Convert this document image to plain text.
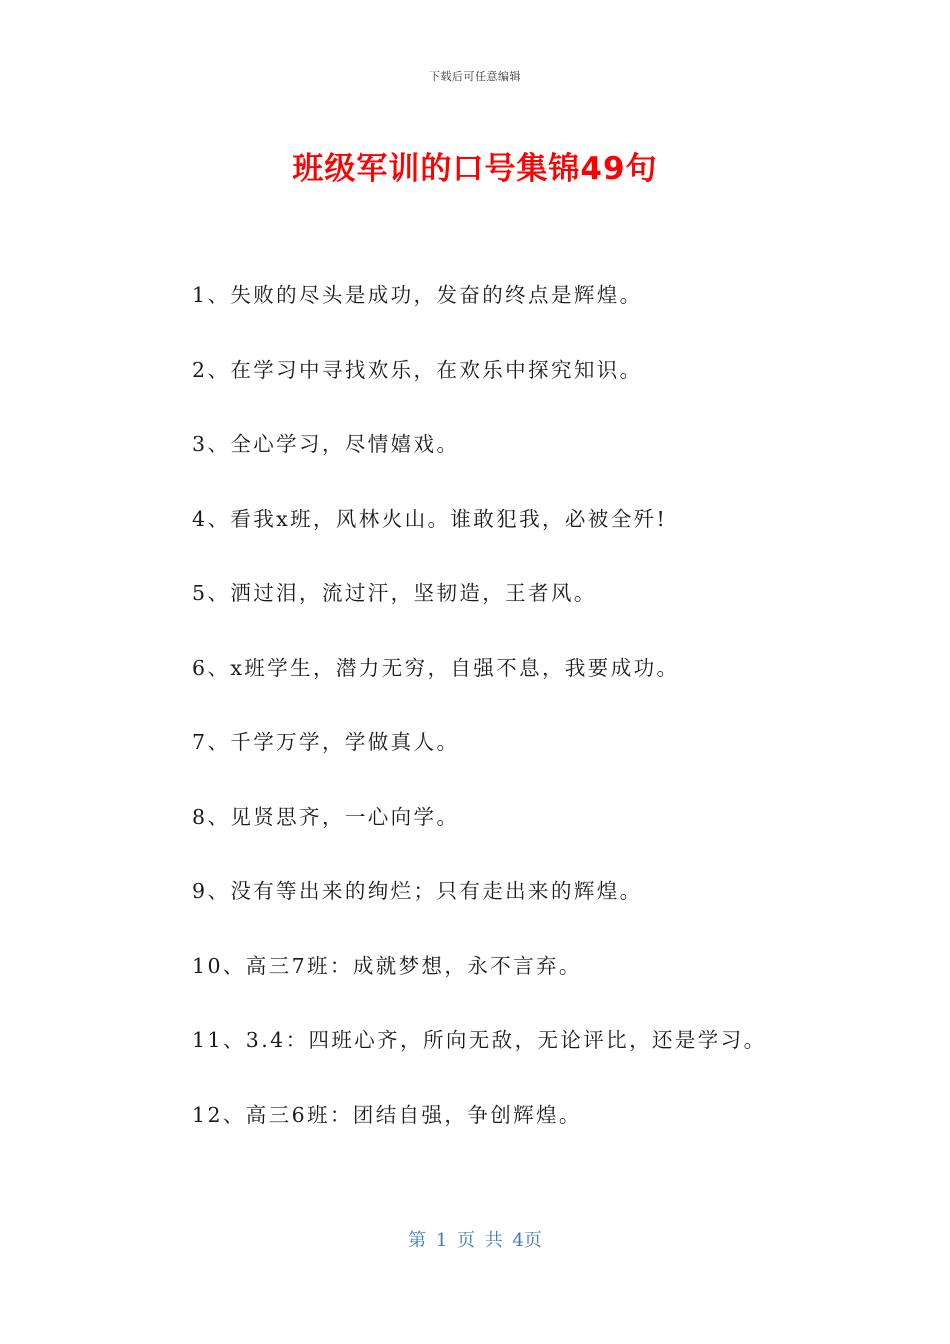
下载后可任意编辑
班级军训的口号集锦49句
1、失败的尽头是成功，发奋的终点是辉煌。
2、在学习中寻找欢乐，在欢乐中探究知识。
3、全心学习，尽情嬉戏。
4、看我x班，风林火山。谁敢犯我，必被全歼!
5、洒过泪，流过汗，坚韧造，王者风。
6、x班学生，潜力无穷，自强不息，我要成功。
7、千学万学，学做真人。
8、见贤思齐，一心向学。
9、没有等出来的绚烂；只有走出来的辉煌。
10、高三7班：成就梦想，永不言弃。
11、3.4：四班心齐，所向无敌，无论评比，还是学习。
12、高三6班：团结自强，争创辉煌。
第 1 页 共 4页
